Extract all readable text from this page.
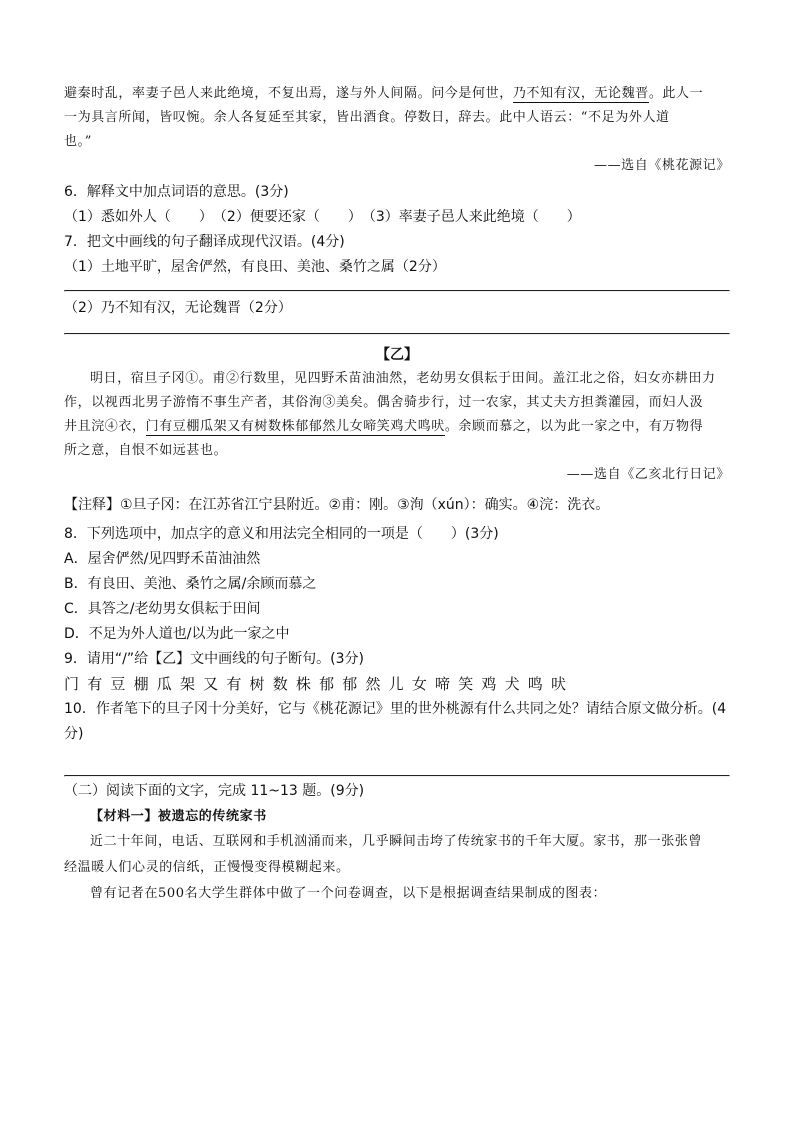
避秦时乱，率妻子邑人来此绝境，不复出焉，遂与外人间隔。问今是何世，乃不知有汉，无论魏晋。此人一

一为具言所闻，皆叹惋。余人各复延至其家，皆出酒食。停数日，辞去。此中人语云：“不足为外人道

也。”

——选自《桃花源记》

6．解释文中加点词语的意思。(3分)
（1）悉如外人（　　）　（2）便要还家（　　）　（3）率妻子邑人来此绝境（　　）
7．把文中画线的句子翻译成现代汉语。(4分)
（1）土地平旷，屋舍俨然，有良田、美池、桑竹之属（2分）
（2）乃不知有汉，无论魏晋（2分）
【乙】

明日，宿旦子冈①。甫②行数里，见四野禾苗油油然，老幼男女俱耘于田间。盖江北之俗，妇女亦耕田力

作，以视西北男子游惰不事生产者，其俗洵③美矣。偶舍骑步行，过一农家，其丈夫方担粪灌园，而妇人汲

井且浣④衣，门有豆棚瓜架又有树数株郁郁然儿女啼笑鸡犬鸣吠。余顾而慕之，以为此一家之中，有万物得

所之意，自恨不如远甚也。

——选自《乙亥北行日记》

【注释】①旦子冈：在江苏省江宁县附近。②甫：刚。③洵（xún）：确实。④浣：洗衣。
8．下列选项中，加点字的意义和用法完全相同的一项是（　　）(3分)
A．屋舍俨然/见四野禾苗油油然
B．有良田、美池、桑竹之属/余顾而慕之
C．具答之/老幼男女俱耘于田间
D．不足为外人道也/以为此一家之中
9．请用“/”给【乙】文中画线的句子断句。(3分)
门 有 豆 棚 瓜 架 又 有 树 数 株 郁 郁 然 儿 女 啼 笑 鸡 犬 鸣 吠
10．作者笔下的旦子冈十分美好，它与《桃花源记》里的世外桃源有什么共同之处？请结合原文做分析。(4
分)
（二）阅读下面的文字，完成 11~13 题。(9分)

【材料一】被遗忘的传统家书

近二十年间，电话、互联网和手机汹涌而来，几乎瞬间击垮了传统家书的千年大厦。家书，那一张张曾

经温暖人们心灵的信纸，正慢慢变得模糊起来。

曾有记者在500名大学生群体中做了一个问卷调查，以下是根据调查结果制成的图表：
